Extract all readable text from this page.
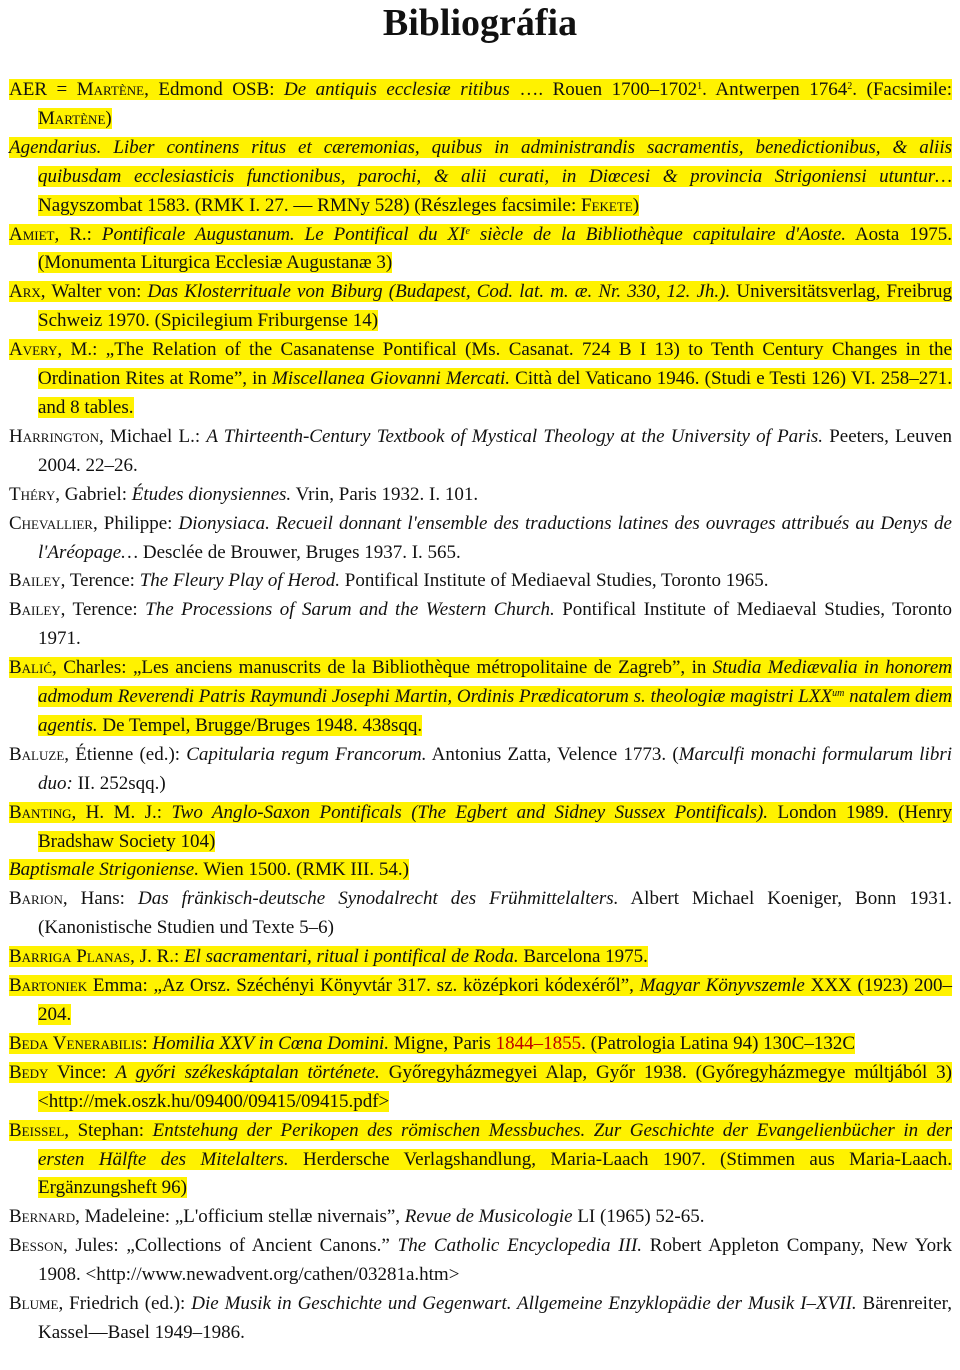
Bibliográfia

AER = Martène, Edmond OSB: De antiquis ecclesiæ ritibus …. Rouen 1700–1702$^1$. Antwerpen 1764$^2$. (Facsimile: Martène)

Agendarius. Liber continens ritus et cæremonias, quibus in administrandis sacramentis, benedictionibus, & aliis quibusdam ecclesiasticis functionibus, parochi, & alii curati, in Diœcesi & provincia Strigoniensi utuntur… Nagyszombat 1583. (RMK I. 27. — RMNy 528) (Részleges facsimile: Fekete)

Amiet, R.: Pontificale Augustanum. Le Pontifical du XIe siècle de la Bibliothèque capitulaire d'Aoste. Aosta 1975. (Monumenta Liturgica Ecclesiæ Augustanæ 3)

Arx, Walter von: Das Klosterrituale von Biburg (Budapest, Cod. lat. m. æ. Nr. 330, 12. Jh.). Universitätsverlag, Freibrug Schweiz 1970. (Spicilegium Friburgense 14)

Avery, M.: „The Relation of the Casanatense Pontifical (Ms. Casanat. 724 B I 13) to Tenth Century Changes in the Ordination Rites at Rome”, in Miscellanea Giovanni Mercati. Città del Vaticano 1946. (Studi e Testi 126) VI. 258–271. and 8 tables.

Harrington, Michael L.: A Thirteenth-Century Textbook of Mystical Theology at the University of Paris. Peeters, Leuven 2004. 22–26.

Théry, Gabriel: Études dionysiennes. Vrin, Paris 1932. I. 101.

Chevallier, Philippe: Dionysiaca. Recueil donnant l'ensemble des traductions latines des ouvrages attribués au Denys de l'Aréopage… Desclée de Brouwer, Bruges 1937. I. 565.

Bailey, Terence: The Fleury Play of Herod. Pontifical Institute of Mediaeval Studies, Toronto 1965.

Bailey, Terence: The Processions of Sarum and the Western Church. Pontifical Institute of Mediaeval Studies, Toronto 1971.

Balić, Charles: „Les anciens manuscrits de la Bibliothèque métropolitaine de Zagreb”, in Studia Mediævalia in honorem admodum Reverendi Patris Raymundi Josephi Martin, Ordinis Prædicatorum s. theologiæ magistri $LXX^{um}$ natalem diem agentis. De Tempel, Brugge/Bruges 1948. 438sqq.

Baluze, Étienne (ed.): Capitularia regum Francorum. Antonius Zatta, Velence 1773. (Marculfi monachi formularum libri duo: II. 252sqq.)

Banting, H. M. J.: Two Anglo-Saxon Pontificals (The Egbert and Sidney Sussex Pontificals). London 1989. (Henry Bradshaw Society 104)

Baptismale Strigoniense. Wien 1500. (RMK III. 54.)

Barion, Hans: Das fränkisch-deutsche Synodalrecht des Frühmittelalters. Albert Michael Koeniger, Bonn 1931. (Kanonistische Studien und Texte 5–6)

Barriga Planas, J. R.: El sacramentari, ritual i pontifical de Roda. Barcelona 1975.

Bartoniek Emma: „Az Orsz. Széchényi Könyvtár 317. sz. középkori kódexéről”, Magyar Könyvszemle XXX (1923) 200–204.

Beda Venerabilis: Homilia XXV in Cœna Domini. Migne, Paris 1844–1855. (Patrologia Latina 94) 130C–132C

Bedy Vince: A győri székeskáptalan története. Győregyházmegyei Alap, Győr 1938. (Győregyházmegye múltjából 3) <http://mek.oszk.hu/09400/09415/09415.pdf>

Beissel, Stephan: Entstehung der Perikopen des römischen Messbuches. Zur Geschichte der Evangelienbücher in der ersten Hälfte des Mitelalters. Herdersche Verlagshandlung, Maria-Laach 1907. (Stimmen aus Maria-Laach. Ergänzungsheft 96)

Bernard, Madeleine: „L'officium stellæ nivernais”, Revue de Musicologie LI (1965) 52-65.

Besson, Jules: „Collections of Ancient Canons.” The Catholic Encyclopedia III. Robert Appleton Company, New York 1908. <http://www.newadvent.org/cathen/03281a.htm>

Blume, Friedrich (ed.): Die Musik in Geschichte und Gegenwart. Allgemeine Enzyklopädie der Musik I–XVII. Bärenreiter, Kassel—Basel 1949–1986.
